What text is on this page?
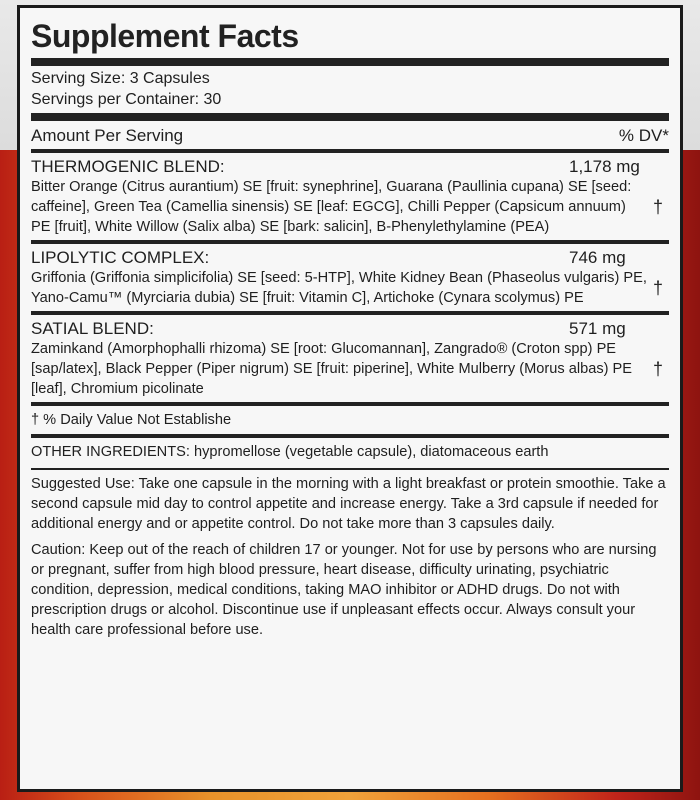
Supplement Facts
Serving Size: 3 Capsules
Servings per Container: 30
Amount Per Serving	% DV*
THERMOGENIC BLEND:	1,178 mg
Bitter Orange (Citrus aurantium) SE [fruit: synephrine], Guarana (Paullinia cupana) SE [seed: caffeine], Green Tea (Camellia sinensis) SE [leaf: EGCG], Chilli Pepper (Capsicum annuum) PE [fruit], White Willow (Salix alba) SE [bark: salicin], B-Phenylethylamine (PEA)
†
LIPOLYTIC COMPLEX:	746 mg
Griffonia (Griffonia simplicifolia) SE [seed: 5-HTP], White Kidney Bean (Phaseolus vulgaris) PE, Yano-Camu™ (Myrciaria dubia) SE [fruit: Vitamin C], Artichoke (Cynara scolymus) PE	†
SATIAL BLEND:	571 mg
Zaminkand (Amorphophalli rhizoma) SE [root: Glucomannan], Zangrado® (Croton spp) PE [sap/latex], Black Pepper (Piper nigrum) SE [fruit: piperine], White Mulberry (Morus albas) PE [leaf], Chromium picolinate
†
† % Daily Value Not Establishe
OTHER INGREDIENTS: hypromellose (vegetable capsule), diatomaceous earth
Suggested Use: Take one capsule in the morning with a light breakfast or protein smoothie. Take a second capsule mid day to control appetite and increase energy. Take a 3rd capsule if needed for additional energy and or appetite control. Do not take more than 3 capsules daily.
Caution: Keep out of the reach of children 17 or younger. Not for use by persons who are nursing or pregnant, suffer from high blood pressure, heart disease, difficulty urinating, psychiatric condition, depression, medical conditions, taking MAO inhibitor or ADHD drugs. Do not with prescription drugs or alcohol. Discontinue use if unpleasant effects occur. Always consult your health care professional before use.
